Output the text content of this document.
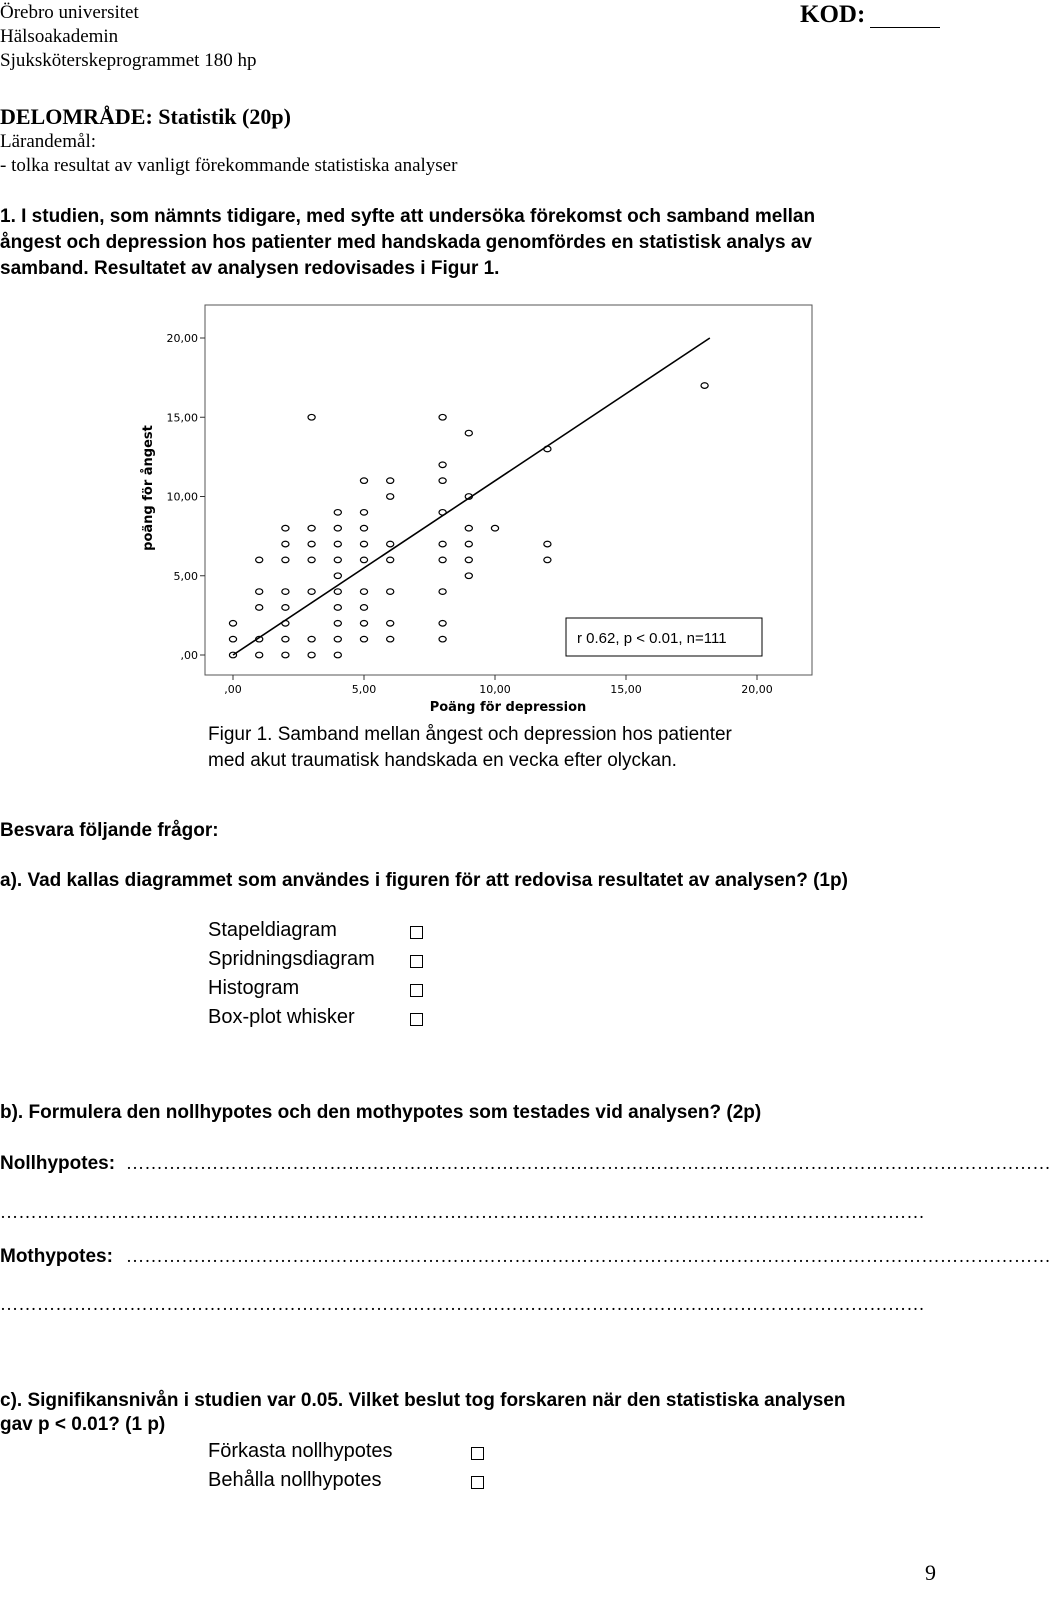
Örebro universitet
Hälsoakademin
Sjuksköterskeprogrammet 180 hp
KOD:
DELOMRÅDE: Statistik (20p)
Lärandemål:
- tolka resultat av vanligt förekommande statistiska analyser
1. I studien, som nämnts tidigare, med syfte att undersöka förekomst och samband mellan
ångest och depression hos patienter med handskada genomfördes en statistisk analys av
samband. Resultatet av analysen redovisades i Figur 1.
,00
5,00
10,00
15,00
20,00
,00	5,00	10,00	15,00	20,00
Poäng för depression
poäng för ångest
r 0.62, p < 0.01, n=111
Figur 1. Samband mellan ångest och depression hos patienter
med akut traumatisk handskada en vecka efter olyckan.
Besvara följande frågor:
a). Vad kallas diagrammet som användes i figuren för att redovisa resultatet av analysen? (1p)
Stapeldiagram
Spridningsdiagram
Histogram
Box-plot whisker
b). Formulera den nollhypotes och den mothypotes som testades vid analysen? (2p)
Nollhypotes: ……………………………………………………………………………………………………………………………………
……………………………………………………………………………………………………………………………………
Mothypotes: ……………………………………………………………………………………………………………………………………
……………………………………………………………………………………………………………………………………
c). Signifikansnivån i studien var 0.05. Vilket beslut tog forskaren när den statistiska analysen
gav p < 0.01? (1 p)
Förkasta nollhypotes
Behålla nollhypotes
9
